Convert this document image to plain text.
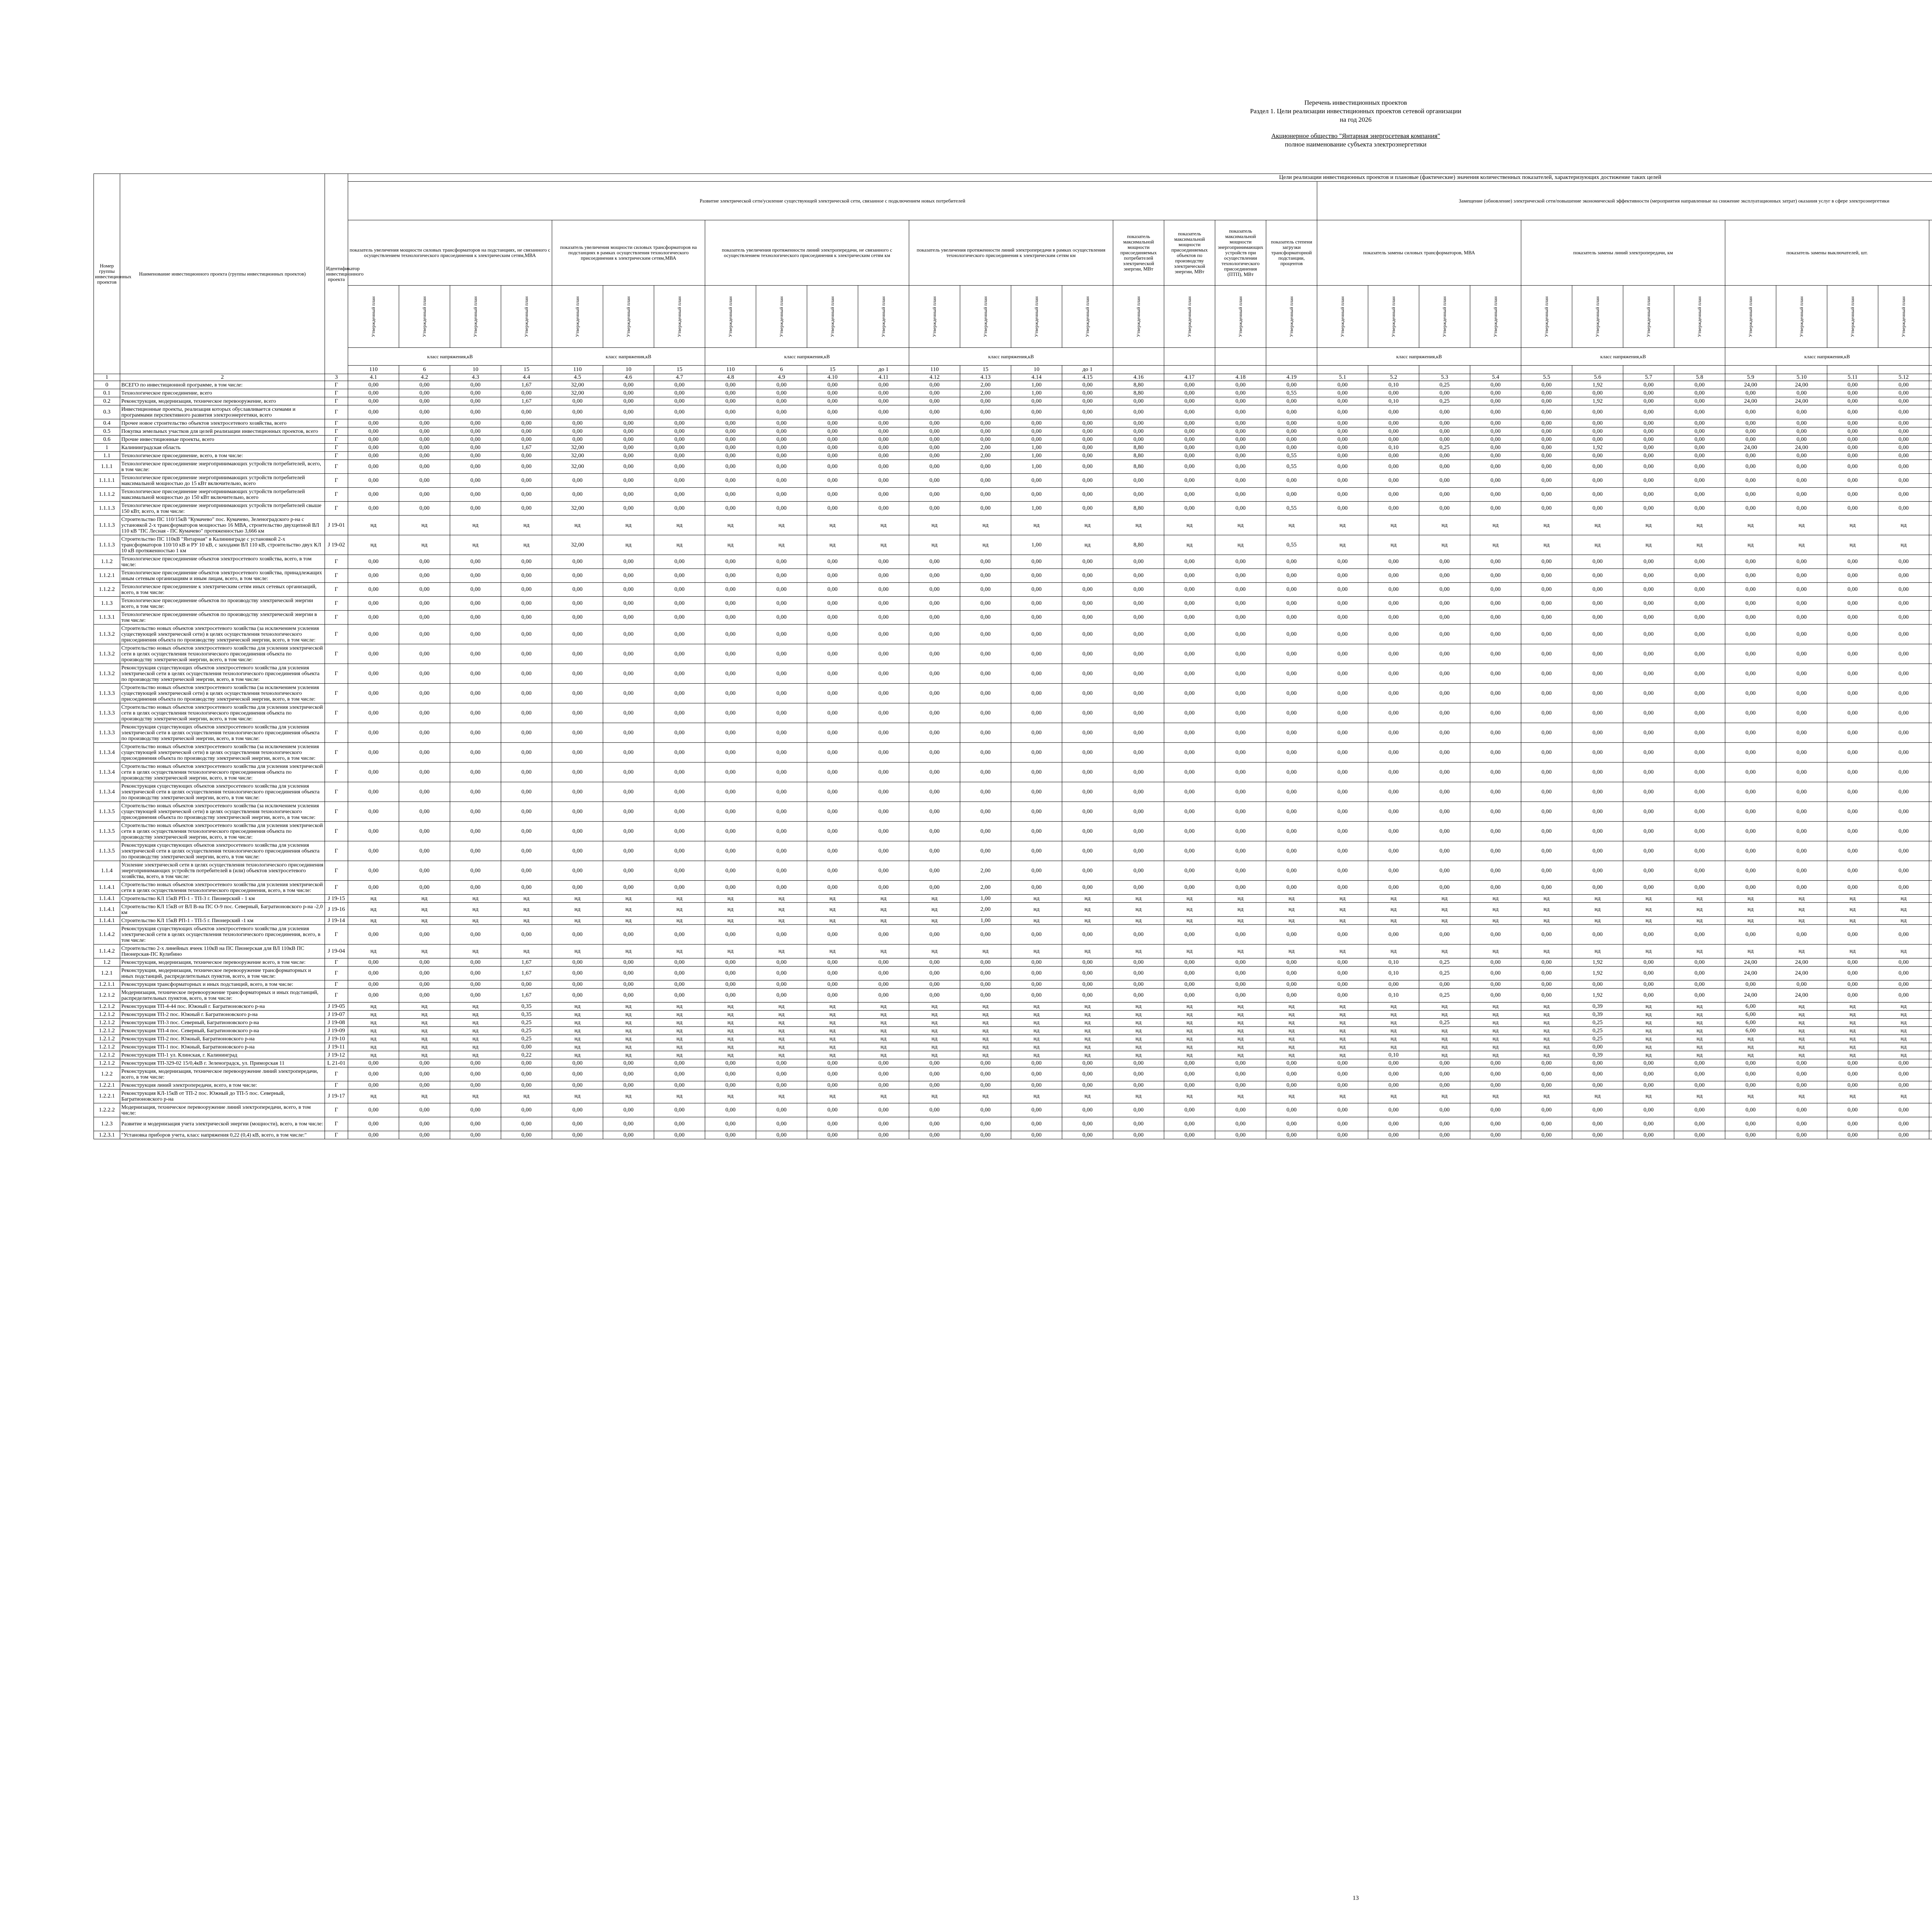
Перечень инвестиционных проектов
Раздел 1. Цели реализации инвестиционных проектов сетевой организации
на год 2026
Акционерное общество "Янтарная энергосетевая компания"
полное наименование субъекта электроэнергетики
Номер группы инвестиционных проектов	Наименование инвестиционного проекта (группы инвестиционных проектов)	Идентификатор инвестиционного проекта	Цели реализации инвестиционных проектов и плановые (фактические) значения количественных показателей, характеризующих достижение таких целей																																													
			Развитие электрической сети/усиление существующей электрической сети, связанное с подключением новых потребителей																			Замещение (обновление) электрической сети/повышение экономической эффективности (мероприятия направленные на снижение эксплуатационных затрат) оказания услуг в сфере электроэнергетики					
			показатель увеличения мощности силовых трансформаторов на подстанциях, не связанного с осуществлением технологического присоединения к электрическим сетям,МВА				показатель увеличения мощности силовых трансформаторов на подстанциях в рамках осуществления технологического присоединения к электрическим сетям,МВА			показатель увеличения протяженности линий электропередачи, не связанного с осуществлением технологического присоединения к электрическим сетям км				показатель увеличения протяженности линий электропередачи в рамках осуществления технологического присоединения к электрическим сетям км				показатель максимальной мощности присоединяемых потребителей электрической энергии, МВт	показатель максимальной мощности присоединяемых объектов по производству электрической энергии, МВт	показатель максимальной мощности энергопринимающих устройств при осуществлении технологического присоединения (ПТП), МВт	показатель степени загрузки трансформаторной подстанции, процентов	показатель замены силовых трансформаторов, МВА				показатель замены линий электропередачи, км				показатель замены выключателей, шт.														
			Утвержденный план	Утвержденный план	Утвержденный план	Утвержденный план	Утвержденный план	Утвержденный план	Утвержденный план	Утвержденный план	Утвержденный план	Утвержденный план	Утвержденный план	Утвержденный план	Утвержденный план	Утвержденный план	Утвержденный план	Утвержденный план	Утвержденный план	Утвержденный план	Утвержденный план	Утвержденный план	Утвержденный план	Утвержденный план	Утвержденный план	Утвержденный план	Утвержденный план	Утвержденный план	Утвержденный план	Утвержденный план	Утвержденный план	Утвержденный план	Утвержденный план													
			класс напряжения,кВ				класс напряжения,кВ			класс напряжения,кВ				класс напряжения,кВ								класс напряжения,кВ				класс напряжения,кВ				класс напряжения,кВ														
			110	6	10	15	110	10	15	110	6	15	до 1	110	15	10	до 1																															
1	2	3	4.1	4.2	4.3	4.4	4.5	4.6	4.7	4.8	4.9	4.10	4.11	4.12	4.13	4.14	4.15	4.16	4.17	4.18	4.19	5.1	5.2	5.3	5.4	5.5	5.6	5.7	5.8	5.9	5.10	5.11	5.12													
0	ВСЕГО по инвестиционной программе, в том числе:	Г	0,00	0,00	0,00	1,67	32,00	0,00	0,00	0,00	0,00	0,00	0,00	0,00	2,00	1,00	0,00	8,80	0,00	0,00	0,00	0,00	0,10	0,25	0,00	0,00	1,92	0,00	0,00	24,00	24,00	0,00	0,00													
0.1	Технологическое присоединение, всего	Г	0,00	0,00	0,00	0,00	32,00	0,00	0,00	0,00	0,00	0,00	0,00	0,00	2,00	1,00	0,00	8,80	0,00	0,00	0,55	0,00	0,00	0,00	0,00	0,00	0,00	0,00	0,00	0,00	0,00	0,00	0,00													
0.2	Реконструкция, модернизация, техническое перевооружение, всего	Г	0,00	0,00	0,00	1,67	0,00	0,00	0,00	0,00	0,00	0,00	0,00	0,00	0,00	0,00	0,00	0,00	0,00	0,00	0,00	0,00	0,10	0,25	0,00	0,00	1,92	0,00	0,00	24,00	24,00	0,00	0,00													
0.3	Инвестиционные проекты, реализация которых обуславливается схемами и программами перспективного развития электроэнергетики, всего	Г	0,00	0,00	0,00	0,00	0,00	0,00	0,00	0,00	0,00	0,00	0,00	0,00	0,00	0,00	0,00	0,00	0,00	0,00	0,00	0,00	0,00	0,00	0,00	0,00	0,00	0,00	0,00	0,00	0,00	0,00	0,00													
0.4	Прочее новое строительство объектов электросетевого хозяйства, всего	Г	0,00	0,00	0,00	0,00	0,00	0,00	0,00	0,00	0,00	0,00	0,00	0,00	0,00	0,00	0,00	0,00	0,00	0,00	0,00	0,00	0,00	0,00	0,00	0,00	0,00	0,00	0,00	0,00	0,00	0,00	0,00													
0.5	Покупка земельных участков для целей реализации инвестиционных проектов, всего	Г	0,00	0,00	0,00	0,00	0,00	0,00	0,00	0,00	0,00	0,00	0,00	0,00	0,00	0,00	0,00	0,00	0,00	0,00	0,00	0,00	0,00	0,00	0,00	0,00	0,00	0,00	0,00	0,00	0,00	0,00	0,00													
0.6	Прочие инвестиционные проекты, всего	Г	0,00	0,00	0,00	0,00	0,00	0,00	0,00	0,00	0,00	0,00	0,00	0,00	0,00	0,00	0,00	0,00	0,00	0,00	0,00	0,00	0,00	0,00	0,00	0,00	0,00	0,00	0,00	0,00	0,00	0,00	0,00													
1	Калининградская область	Г	0,00	0,00	0,00	1,67	32,00	0,00	0,00	0,00	0,00	0,00	0,00	0,00	2,00	1,00	0,00	8,80	0,00	0,00	0,00	0,00	0,10	0,25	0,00	0,00	1,92	0,00	0,00	24,00	24,00	0,00	0,00													
1.1	Технологическое присоединение, всего, в том числе:	Г	0,00	0,00	0,00	0,00	32,00	0,00	0,00	0,00	0,00	0,00	0,00	0,00	2,00	1,00	0,00	8,80	0,00	0,00	0,55	0,00	0,00	0,00	0,00	0,00	0,00	0,00	0,00	0,00	0,00	0,00	0,00													
1.1.1	Технологическое присоединение энергопринимающих устройств потребителей, всего, в том числе:	Г	0,00	0,00	0,00	0,00	32,00	0,00	0,00	0,00	0,00	0,00	0,00	0,00	0,00	1,00	0,00	8,80	0,00	0,00	0,55	0,00	0,00	0,00	0,00	0,00	0,00	0,00	0,00	0,00	0,00	0,00	0,00													
1.1.1.1	Технологическое присоединение энергопринимающих устройств потребителей максимальной мощностью до 15 кВт включительно, всего	Г	0,00	0,00	0,00	0,00	0,00	0,00	0,00	0,00	0,00	0,00	0,00	0,00	0,00	0,00	0,00	0,00	0,00	0,00	0,00	0,00	0,00	0,00	0,00	0,00	0,00	0,00	0,00	0,00	0,00	0,00	0,00													
1.1.1.2	Технологическое присоединение энергопринимающих устройств потребителей максимальной мощностью до 150 кВт включительно, всего	Г	0,00	0,00	0,00	0,00	0,00	0,00	0,00	0,00	0,00	0,00	0,00	0,00	0,00	0,00	0,00	0,00	0,00	0,00	0,00	0,00	0,00	0,00	0,00	0,00	0,00	0,00	0,00	0,00	0,00	0,00	0,00													
1.1.1.3	Технологическое присоединение энергопринимающих устройств потребителей свыше 150 кВт, всего, в том числе:	Г	0,00	0,00	0,00	0,00	32,00	0,00	0,00	0,00	0,00	0,00	0,00	0,00	0,00	1,00	0,00	8,80	0,00	0,00	0,55	0,00	0,00	0,00	0,00	0,00	0,00	0,00	0,00	0,00	0,00	0,00	0,00													
1.1.1.3	Строительство ПС 110/15кВ "Кумачево" пос. Кумачево, Зеленоградского р-на с установкой 2-х трансформаторов мощностью 16 МВА, строительство двухцепной ВЛ 110 кВ "ПС Лесная - ПС Кумачево" протяженностью 3,666 км	J 19-01	нд	нд	нд	нд	нд	нд	нд	нд	нд	нд	нд	нд	нд	нд	нд	нд	нд	нд	нд	нд	нд	нд	нд	нд	нд	нд	нд	нд	нд	нд	нд													
1.1.1.3	Строительство ПС 110кВ "Янтарная" в Калининграде с установкой 2-х трансформаторов 110/10 кВ и РУ 10 кВ, с заходами ВЛ 110 кВ, строительство двух КЛ 10 кВ протяженностью 1 км	J 19-02	нд	нд	нд	нд	32,00	нд	нд	нд	нд	нд	нд	нд	нд	1,00	нд	8,80	нд	нд	0,55	нд	нд	нд	нд	нд	нд	нд	нд	нд	нд	нд	нд													
1.1.2	Технологическое присоединение объектов электросетевого хозяйства, всего, в том числе:	Г	0,00	0,00	0,00	0,00	0,00	0,00	0,00	0,00	0,00	0,00	0,00	0,00	0,00	0,00	0,00	0,00	0,00	0,00	0,00	0,00	0,00	0,00	0,00	0,00	0,00	0,00	0,00	0,00	0,00	0,00	0,00													
1.1.2.1	Технологическое присоединение объектов электросетевого хозяйства, принадлежащих иным сетевым организациям и иным лицам, всего, в том числе:	Г	0,00	0,00	0,00	0,00	0,00	0,00	0,00	0,00	0,00	0,00	0,00	0,00	0,00	0,00	0,00	0,00	0,00	0,00	0,00	0,00	0,00	0,00	0,00	0,00	0,00	0,00	0,00	0,00	0,00	0,00	0,00													
1.1.2.2	Технологическое присоединение к электрическим сетям иных сетевых организаций, всего, в том числе:	Г	0,00	0,00	0,00	0,00	0,00	0,00	0,00	0,00	0,00	0,00	0,00	0,00	0,00	0,00	0,00	0,00	0,00	0,00	0,00	0,00	0,00	0,00	0,00	0,00	0,00	0,00	0,00	0,00	0,00	0,00	0,00													
1.1.3	Технологическое присоединение объектов по производству электрической энергии всего, в том числе:	Г	0,00	0,00	0,00	0,00	0,00	0,00	0,00	0,00	0,00	0,00	0,00	0,00	0,00	0,00	0,00	0,00	0,00	0,00	0,00	0,00	0,00	0,00	0,00	0,00	0,00	0,00	0,00	0,00	0,00	0,00	0,00													
1.1.3.1	Технологическое присоединение объектов по производству электрической энергии в том числе:	Г	0,00	0,00	0,00	0,00	0,00	0,00	0,00	0,00	0,00	0,00	0,00	0,00	0,00	0,00	0,00	0,00	0,00	0,00	0,00	0,00	0,00	0,00	0,00	0,00	0,00	0,00	0,00	0,00	0,00	0,00	0,00													
1.1.3.2	Строительство новых объектов электросетевого хозяйства (за исключением усиления существующей электрической сети) в целях осуществления технологического присоединения объекта по производству электрической энергии, всего, в том числе:	Г	0,00	0,00	0,00	0,00	0,00	0,00	0,00	0,00	0,00	0,00	0,00	0,00	0,00	0,00	0,00	0,00	0,00	0,00	0,00	0,00	0,00	0,00	0,00	0,00	0,00	0,00	0,00	0,00	0,00	0,00	0,00													
1.1.3.2	Строительство новых объектов электросетевого хозяйства для усиления электрической сети в целях осуществления технологического присоединения объекта по производству электрической энергии, всего, в том числе:	Г	0,00	0,00	0,00	0,00	0,00	0,00	0,00	0,00	0,00	0,00	0,00	0,00	0,00	0,00	0,00	0,00	0,00	0,00	0,00	0,00	0,00	0,00	0,00	0,00	0,00	0,00	0,00	0,00	0,00	0,00	0,00													
1.1.3.2	Реконструкция существующих объектов электросетевого хозяйства для усиления электрической сети в целях осуществления технологического присоединения объекта по производству электрической энергии, всего, в том числе:	Г	0,00	0,00	0,00	0,00	0,00	0,00	0,00	0,00	0,00	0,00	0,00	0,00	0,00	0,00	0,00	0,00	0,00	0,00	0,00	0,00	0,00	0,00	0,00	0,00	0,00	0,00	0,00	0,00	0,00	0,00	0,00													
1.1.3.3	Строительство новых объектов электросетевого хозяйства (за исключением усиления существующей электрической сети) в целях осуществления технологического присоединения объекта по производству электрической энергии, всего, в том числе:	Г	0,00	0,00	0,00	0,00	0,00	0,00	0,00	0,00	0,00	0,00	0,00	0,00	0,00	0,00	0,00	0,00	0,00	0,00	0,00	0,00	0,00	0,00	0,00	0,00	0,00	0,00	0,00	0,00	0,00	0,00	0,00													
1.1.3.3	Строительство новых объектов электросетевого хозяйства для усиления электрической сети в целях осуществления технологического присоединения объекта по производству электрической энергии, всего, в том числе:	Г	0,00	0,00	0,00	0,00	0,00	0,00	0,00	0,00	0,00	0,00	0,00	0,00	0,00	0,00	0,00	0,00	0,00	0,00	0,00	0,00	0,00	0,00	0,00	0,00	0,00	0,00	0,00	0,00	0,00	0,00	0,00													
1.1.3.3	Реконструкция существующих объектов электросетевого хозяйства для усиления электрической сети в целях осуществления технологического присоединения объекта по производству электрической энергии, всего, в том числе:	Г	0,00	0,00	0,00	0,00	0,00	0,00	0,00	0,00	0,00	0,00	0,00	0,00	0,00	0,00	0,00	0,00	0,00	0,00	0,00	0,00	0,00	0,00	0,00	0,00	0,00	0,00	0,00	0,00	0,00	0,00	0,00													
1.1.3.4	Строительство новых объектов электросетевого хозяйства (за исключением усиления существующей электрической сети) в целях осуществления технологического присоединения объекта по производству электрической энергии, всего, в том числе:	Г	0,00	0,00	0,00	0,00	0,00	0,00	0,00	0,00	0,00	0,00	0,00	0,00	0,00	0,00	0,00	0,00	0,00	0,00	0,00	0,00	0,00	0,00	0,00	0,00	0,00	0,00	0,00	0,00	0,00	0,00	0,00													
1.1.3.4	Строительство новых объектов электросетевого хозяйства для усиления электрической сети в целях осуществления технологического присоединения объекта по производству электрической энергии, всего, в том числе:	Г	0,00	0,00	0,00	0,00	0,00	0,00	0,00	0,00	0,00	0,00	0,00	0,00	0,00	0,00	0,00	0,00	0,00	0,00	0,00	0,00	0,00	0,00	0,00	0,00	0,00	0,00	0,00	0,00	0,00	0,00	0,00													
1.1.3.4	Реконструкция существующих объектов электросетевого хозяйства для усиления электрической сети в целях осуществления технологического присоединения объекта по производству электрической энергии, всего, в том числе:	Г	0,00	0,00	0,00	0,00	0,00	0,00	0,00	0,00	0,00	0,00	0,00	0,00	0,00	0,00	0,00	0,00	0,00	0,00	0,00	0,00	0,00	0,00	0,00	0,00	0,00	0,00	0,00	0,00	0,00	0,00	0,00													
1.1.3.5	Строительство новых объектов электросетевого хозяйства (за исключением усиления существующей электрической сети) в целях осуществления технологического присоединения объекта по производству электрической энергии, всего, в том числе:	Г	0,00	0,00	0,00	0,00	0,00	0,00	0,00	0,00	0,00	0,00	0,00	0,00	0,00	0,00	0,00	0,00	0,00	0,00	0,00	0,00	0,00	0,00	0,00	0,00	0,00	0,00	0,00	0,00	0,00	0,00	0,00													
1.1.3.5	Строительство новых объектов электросетевого хозяйства для усиления электрической сети в целях осуществления технологического присоединения объекта по производству электрической энергии, всего, в том числе:	Г	0,00	0,00	0,00	0,00	0,00	0,00	0,00	0,00	0,00	0,00	0,00	0,00	0,00	0,00	0,00	0,00	0,00	0,00	0,00	0,00	0,00	0,00	0,00	0,00	0,00	0,00	0,00	0,00	0,00	0,00	0,00													
1.1.3.5	Реконструкция существующих объектов электросетевого хозяйства для усиления электрической сети в целях осуществления технологического присоединения объекта по производству электрической энергии, всего, в том числе:	Г	0,00	0,00	0,00	0,00	0,00	0,00	0,00	0,00	0,00	0,00	0,00	0,00	0,00	0,00	0,00	0,00	0,00	0,00	0,00	0,00	0,00	0,00	0,00	0,00	0,00	0,00	0,00	0,00	0,00	0,00	0,00													
1.1.4	Усиление электрической сети в целях осуществления технологического присоединения энергопринимающих устройств потребителей в (или) объектов электросетевого хозяйства, всего, в том числе:	Г	0,00	0,00	0,00	0,00	0,00	0,00	0,00	0,00	0,00	0,00	0,00	0,00	2,00	0,00	0,00	0,00	0,00	0,00	0,00	0,00	0,00	0,00	0,00	0,00	0,00	0,00	0,00	0,00	0,00	0,00	0,00													
1.1.4.1	Строительство новых объектов электросетевого хозяйства для усиления электрической сети в целях осуществления технологического присоединения, всего, в том числе:	Г	0,00	0,00	0,00	0,00	0,00	0,00	0,00	0,00	0,00	0,00	0,00	0,00	2,00	0,00	0,00	0,00	0,00	0,00	0,00	0,00	0,00	0,00	0,00	0,00	0,00	0,00	0,00	0,00	0,00	0,00	0,00													
1.1.4.1	Строительство КЛ 15кВ РП-1 - ТП-3 г. Пионерский - 1 км	J 19-15	нд	нд	нд	нд	нд	нд	нд	нд	нд	нд	нд	нд	1,00	нд	нд	нд	нд	нд	нд	нд	нд	нд	нд	нд	нд	нд	нд	нд	нд	нд	нд													
1.1.4.1	Строительство КЛ 15кВ от ВЛ В-на ПС О-9 пос. Северный, Багратионовского р-на -2,0 км	J 19-16	нд	нд	нд	нд	нд	нд	нд	нд	нд	нд	нд	нд	2,00	нд	нд	нд	нд	нд	нд	нд	нд	нд	нд	нд	нд	нд	нд	нд	нд	нд	нд													
1.1.4.1	Строительство КЛ 15кВ РП-1 - ТП-5 г. Пионерский -1 км	J 19-14	нд	нд	нд	нд	нд	нд	нд	нд	нд	нд	нд	нд	1,00	нд	нд	нд	нд	нд	нд	нд	нд	нд	нд	нд	нд	нд	нд	нд	нд	нд	нд													
1.1.4.2	Реконструкция существующих объектов электросетевого хозяйства для усиления электрической сети в целях осуществления технологического присоединения, всего, в том числе:	Г	0,00	0,00	0,00	0,00	0,00	0,00	0,00	0,00	0,00	0,00	0,00	0,00	0,00	0,00	0,00	0,00	0,00	0,00	0,00	0,00	0,00	0,00	0,00	0,00	0,00	0,00	0,00	0,00	0,00	0,00	0,00													
1.1.4.2	Строительство 2-х линейных ячеек 110кВ на ПС Пионерская для ВЛ 110кВ ПС Пионерская-ПС Кулибино	J 19-04	нд	нд	нд	нд	нд	нд	нд	нд	нд	нд	нд	нд	нд	нд	нд	нд	нд	нд	нд	нд	нд	нд	нд	нд	нд	нд	нд	нд	нд	нд	нд													
1.2	Реконструкция, модернизация, техническое перевооружение всего, в том числе:	Г	0,00	0,00	0,00	1,67	0,00	0,00	0,00	0,00	0,00	0,00	0,00	0,00	0,00	0,00	0,00	0,00	0,00	0,00	0,00	0,00	0,10	0,25	0,00	0,00	1,92	0,00	0,00	24,00	24,00	0,00	0,00													
1.2.1	Реконструкция, модернизация, техническое перевооружение трансформаторных и иных подстанций, распределительных пунктов, всего, в том числе:	Г	0,00	0,00	0,00	1,67	0,00	0,00	0,00	0,00	0,00	0,00	0,00	0,00	0,00	0,00	0,00	0,00	0,00	0,00	0,00	0,00	0,10	0,25	0,00	0,00	1,92	0,00	0,00	24,00	24,00	0,00	0,00													
1.2.1.1	Реконструкция трансформаторных и иных подстанций, всего, в том числе:	Г	0,00	0,00	0,00	0,00	0,00	0,00	0,00	0,00	0,00	0,00	0,00	0,00	0,00	0,00	0,00	0,00	0,00	0,00	0,00	0,00	0,00	0,00	0,00	0,00	0,00	0,00	0,00	0,00	0,00	0,00	0,00													
1.2.1.2	Модернизация, техническое перевооружение трансформаторных и иных подстанций, распределительных пунктов, всего, в том числе:	Г	0,00	0,00	0,00	1,67	0,00	0,00	0,00	0,00	0,00	0,00	0,00	0,00	0,00	0,00	0,00	0,00	0,00	0,00	0,00	0,00	0,10	0,25	0,00	0,00	1,92	0,00	0,00	24,00	24,00	0,00	0,00													
1.2.1.2	Реконструкция ТП-4-44 пос. Южный г. Багратионовского р-на	J 19-05	нд	нд	нд	0,35	нд	нд	нд	нд	нд	нд	нд	нд	нд	нд	нд	нд	нд	нд	нд	нд	нд	нд	нд	нд	0,39	нд	нд	6,00	нд	нд	нд													
1.2.1.2	Реконструкция ТП-2 пос. Южный г. Багратионовского р-на	J 19-07	нд	нд	нд	0,35	нд	нд	нд	нд	нд	нд	нд	нд	нд	нд	нд	нд	нд	нд	нд	нд	нд	нд	нд	нд	0,39	нд	нд	6,00	нд	нд	нд													
1.2.1.2	Реконструкция ТП-3 пос. Северный, Багратионовского р-на	J 19-08	нд	нд	нд	0,25	нд	нд	нд	нд	нд	нд	нд	нд	нд	нд	нд	нд	нд	нд	нд	нд	нд	0,25	нд	нд	0,25	нд	нд	6,00	нд	нд	нд													
1.2.1.2	Реконструкция ТП-4 пос. Северный, Багратионовского р-на	J 19-09	нд	нд	нд	0,25	нд	нд	нд	нд	нд	нд	нд	нд	нд	нд	нд	нд	нд	нд	нд	нд	нд	нд	нд	нд	0,25	нд	нд	6,00	нд	нд	нд													
1.2.1.2	Реконструкция ТП-2 пос. Южный, Багратионовского р-на	J 19-10	нд	нд	нд	0,25	нд	нд	нд	нд	нд	нд	нд	нд	нд	нд	нд	нд	нд	нд	нд	нд	нд	нд	нд	нд	0,25	нд	нд	нд	нд	нд	нд													
1.2.1.2	Реконструкция ТП-1 пос. Южный, Багратионовского р-на	J 19-11	нд	нд	нд	0,00	нд	нд	нд	нд	нд	нд	нд	нд	нд	нд	нд	нд	нд	нд	нд	нд	нд	нд	нд	нд	0,00	нд	нд	нд	нд	нд	нд													
1.2.1.2	Реконструкция ТП-1 ул. Клинская, г. Калининград	J 19-12	нд	нд	нд	0,22	нд	нд	нд	нд	нд	нд	нд	нд	нд	нд	нд	нд	нд	нд	нд	нд	0,10	нд	нд	нд	0,39	нд	нд	нд	нд	нд	нд													
1.2.1.2	Реконструкция ТП-329-02 15/0,4кВ г. Зеленоградск, ул. Приморская 11	L 21-01	0,00	0,00	0,00	0,00	0,00	0,00	0,00	0,00	0,00	0,00	0,00	0,00	0,00	0,00	0,00	0,00	0,00	0,00	0,00	0,00	0,00	0,00	0,00	0,00	0,00	0,00	0,00	0,00	0,00	0,00	0,00													
1.2.2	Реконструкция, модернизация, техническое перевооружение линий электропередачи, всего, в том числе:	Г	0,00	0,00	0,00	0,00	0,00	0,00	0,00	0,00	0,00	0,00	0,00	0,00	0,00	0,00	0,00	0,00	0,00	0,00	0,00	0,00	0,00	0,00	0,00	0,00	0,00	0,00	0,00	0,00	0,00	0,00	0,00													
1.2.2.1	Реконструкция линий электропередачи, всего, в том числе:	Г	0,00	0,00	0,00	0,00	0,00	0,00	0,00	0,00	0,00	0,00	0,00	0,00	0,00	0,00	0,00	0,00	0,00	0,00	0,00	0,00	0,00	0,00	0,00	0,00	0,00	0,00	0,00	0,00	0,00	0,00	0,00													
1.2.2.1	Реконструкция КЛ-15кВ от ТП-2 пос. Южный до ТП-5 пос. Северный, Багратионовского р-на	J 19-17	нд	нд	нд	нд	нд	нд	нд	нд	нд	нд	нд	нд	нд	нд	нд	нд	нд	нд	нд	нд	нд	нд	нд	нд	нд	нд	нд	нд	нд	нд	нд													
1.2.2.2	Модернизация, техническое перевооружение линий электропередачи, всего, в том числе:	Г	0,00	0,00	0,00	0,00	0,00	0,00	0,00	0,00	0,00	0,00	0,00	0,00	0,00	0,00	0,00	0,00	0,00	0,00	0,00	0,00	0,00	0,00	0,00	0,00	0,00	0,00	0,00	0,00	0,00	0,00	0,00													
1.2.3	Развитие и модернизация учета электрической энергии (мощности), всего, в том числе:	Г	0,00	0,00	0,00	0,00	0,00	0,00	0,00	0,00	0,00	0,00	0,00	0,00	0,00	0,00	0,00	0,00	0,00	0,00	0,00	0,00	0,00	0,00	0,00	0,00	0,00	0,00	0,00	0,00	0,00	0,00	0,00													
1.2.3.1	"Установка приборов учета, класс напряжения 0,22 (0,4) кВ, всего, в том числе:"	Г	0,00	0,00	0,00	0,00	0,00	0,00	0,00	0,00	0,00	0,00	0,00	0,00	0,00	0,00	0,00	0,00	0,00	0,00	0,00	0,00	0,00	0,00	0,00	0,00	0,00	0,00	0,00	0,00	0,00	0,00	0,00													
13
